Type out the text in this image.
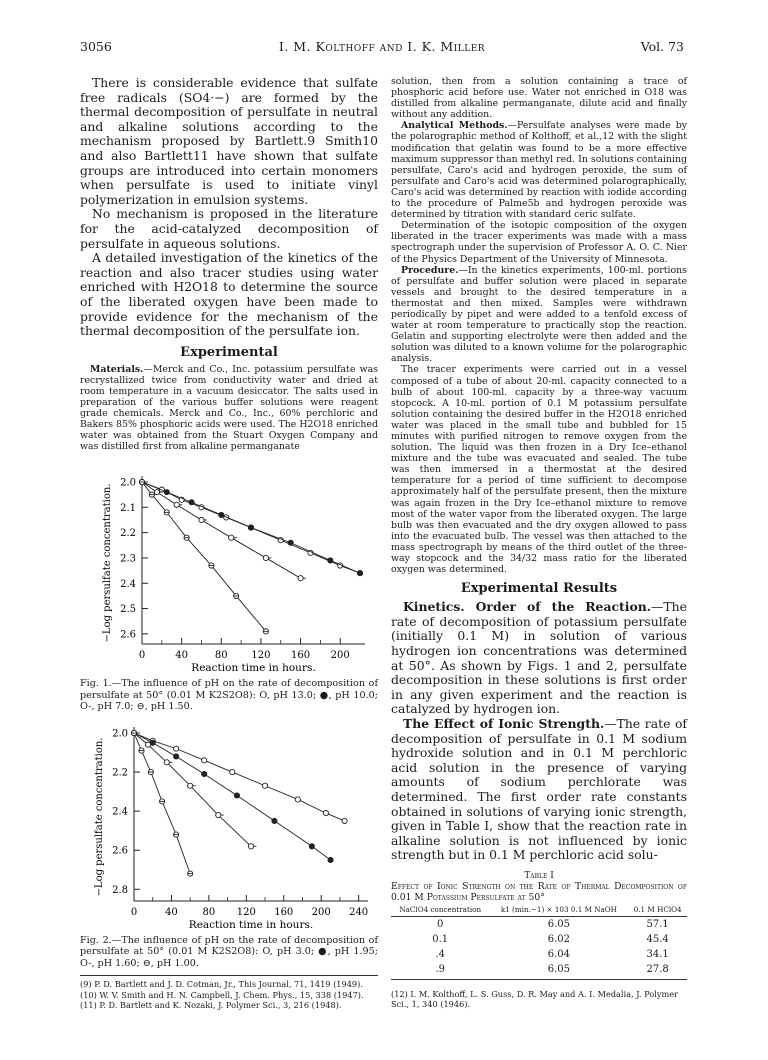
3056	I. M. Kolthoff and I. K. Miller	Vol. 73

There is considerable evidence that sulfate free radicals (SO4·−) are formed by the thermal decomposition of persulfate in neutral and alkaline solutions according to the mechanism proposed by Bartlett.9 Smith10 and also Bartlett11 have shown that sulfate groups are introduced into certain monomers when persulfate is used to initiate vinyl polymerization in emulsion systems.

No mechanism is proposed in the literature for the acid-catalyzed decomposition of persulfate in aqueous solutions.

A detailed investigation of the kinetics of the reaction and also tracer studies using water enriched with H2O18 to determine the source of the liberated oxygen have been made to provide evidence for the mechanism of the thermal decomposition of the persulfate ion.

Experimental

Materials.—Merck and Co., Inc. potassium persulfate was recrystallized twice from conductivity water and dried at room temperature in a vacuum desiccator. The salts used in preparation of the various buffer solutions were reagent grade chemicals. Merck and Co., Inc., 60% perchloric and Bakers 85% phosphoric acids were used. The H2O18 enriched water was obtained from the Stuart Oxygen Company and was distilled first from alkaline permanganate

2.0
2.1
2.2
2.3
2.4
2.5
2.6
0	40	80 120 160 200
Reaction time in hours.
−Log persulfate concentration.
Fig. 1.—The influence of pH on the rate of decomposition of persulfate at 50° (0.01 M K2S2O8): O, pH 13.0; ●, pH 10.0; O-, pH 7.0; ⊖, pH 1.50.
2.0
2.2
2.4
2.6
2.8
0	40 80 120 160 200 240
Reaction time in hours.
−Log persulfate concentration.
Fig. 2.—The influence of pH on the rate of decomposition of persulfate at 50° (0.01 M K2S2O8): O, pH 3.0; ●, pH 1.95; O-, pH 1.60; ⊖, pH 1.00.
(9) P. D. Bartlett and J. D. Cotman, Jr., This Journal, 71, 1419 (1949).
(10) W. V. Smith and H. N. Campbell, J. Chem. Phys., 15, 338 (1947).
(11) P. D. Bartlett and K. Nozaki, J. Polymer Sci., 3, 216 (1948).

solution, then from a solution containing a trace of phosphoric acid before use. Water not enriched in O18 was distilled from alkaline permanganate, dilute acid and finally without any addition.

Analytical Methods.—Persulfate analyses were made by the polarographic method of Kolthoff, et al.,12 with the slight modification that gelatin was found to be a more effective maximum suppressor than methyl red. In solutions containing persulfate, Caro's acid and hydrogen peroxide, the sum of persulfate and Caro's acid was determined polarographically, Caro's acid was determined by reaction with iodide according to the procedure of Palme5b and hydrogen peroxide was determined by titration with standard ceric sulfate.

Determination of the isotopic composition of the oxygen liberated in the tracer experiments was made with a mass spectrograph under the supervision of Professor A. O. C. Nier of the Physics Department of the University of Minnesota.

Procedure.—In the kinetics experiments, 100-ml. portions of persulfate and buffer solution were placed in separate vessels and brought to the desired temperature in a thermostat and then mixed. Samples were withdrawn periodically by pipet and were added to a tenfold excess of water at room temperature to practically stop the reaction. Gelatin and supporting electrolyte were then added and the solution was diluted to a known volume for the polarographic analysis.

The tracer experiments were carried out in a vessel composed of a tube of about 20-ml. capacity connected to a bulb of about 100-ml. capacity by a three-way vacuum stopcock. A 10-ml. portion of 0.1 M potassium persulfate solution containing the desired buffer in the H2O18 enriched water was placed in the small tube and bubbled for 15 minutes with purified nitrogen to remove oxygen from the solution. The liquid was then frozen in a Dry Ice–ethanol mixture and the tube was evacuated and sealed. The tube was then immersed in a thermostat at the desired temperature for a period of time sufficient to decompose approximately half of the persulfate present, then the mixture was again frozen in the Dry Ice–ethanol mixture to remove most of the water vapor from the liberated oxygen. The large bulb was then evacuated and the dry oxygen allowed to pass into the evacuated bulb. The vessel was then attached to the mass spectrograph by means of the third outlet of the three-way stopcock and the 34/32 mass ratio for the liberated oxygen was determined.

Experimental Results

Kinetics. Order of the Reaction.—The rate of decomposition of potassium persulfate (initially 0.1 M) in solution of various hydrogen ion concentrations was determined at 50°. As shown by Figs. 1 and 2, persulfate decomposition in these solutions is first order in any given experiment and the reaction is catalyzed by hydrogen ion.

The Effect of Ionic Strength.—The rate of decomposition of persulfate in 0.1 M sodium hydroxide solution and in 0.1 M perchloric acid solution in the presence of varying amounts of sodium perchlorate was determined. The first order rate constants obtained in solutions of varying ionic strength, given in Table I, show that the reaction rate in alkaline solution is not influenced by ionic strength but in 0.1 M perchloric acid solu-

Table I
Effect of Ionic Strength on the Rate of Thermal Decomposition of 0.01 M Potassium Persulfate at 50°
NaClO4 concentration	k1 (min.−1) × 103 0.1 M NaOH	0.1 M HClO4
0	6.05	57.1
0.1	6.02	45.4
.4	6.04	34.1
.9	6.05	27.8
(12) I. M. Kolthoff, L. S. Guss, D. R. May and A. I. Medalia, J. Polymer Sci., 1, 340 (1946).
